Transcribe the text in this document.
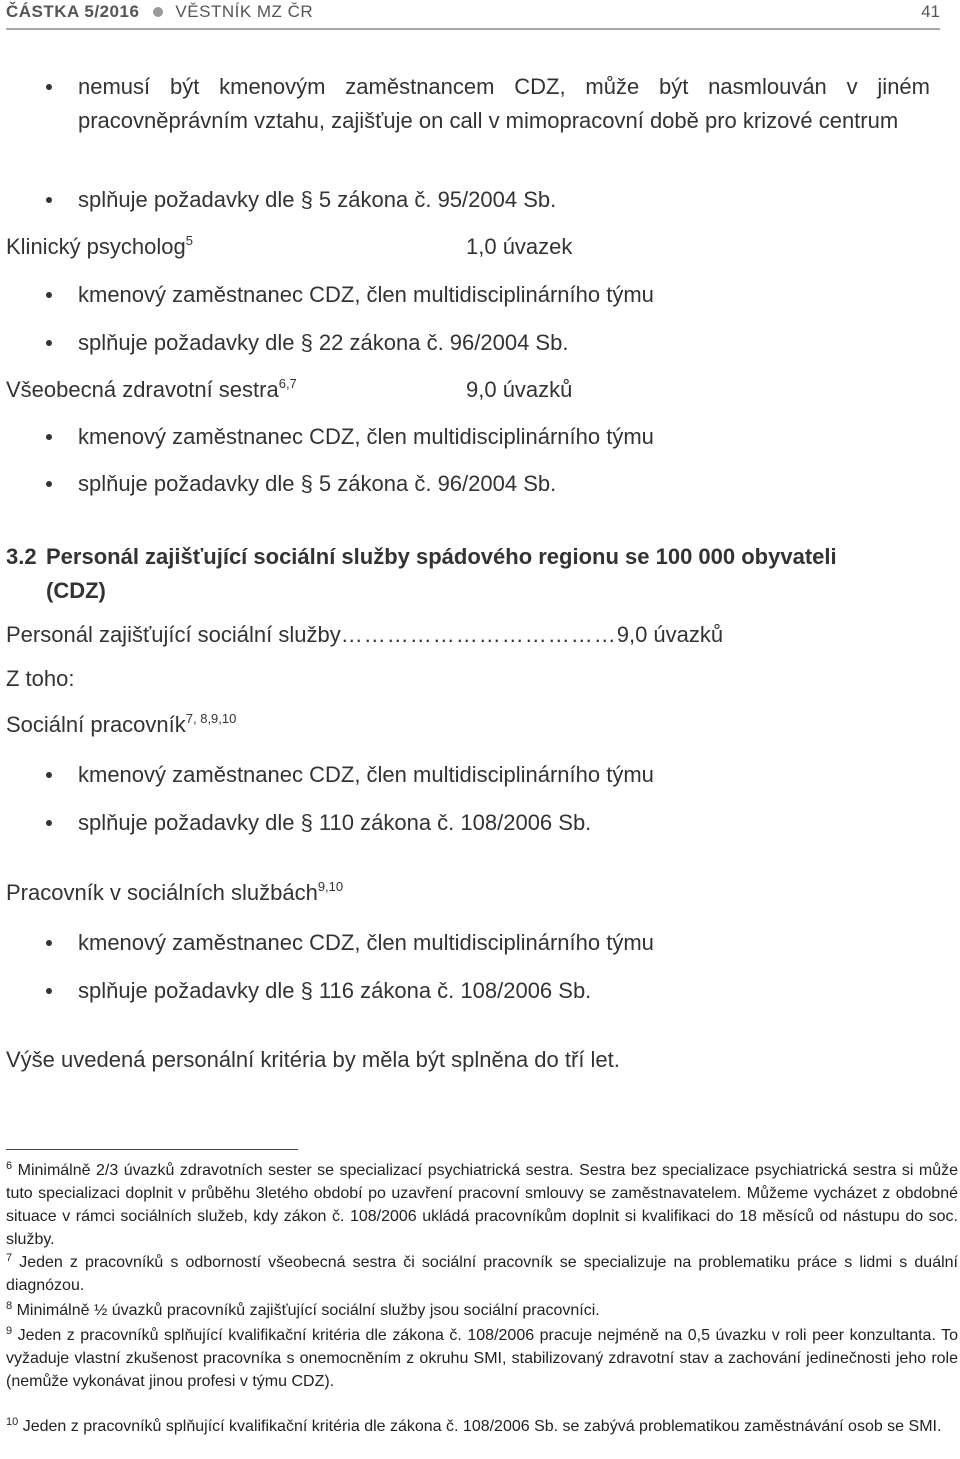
ČÁSTKA 5/2016 VĚSTNÍK MZ ČR	41
nemusí být kmenovým zaměstnancem CDZ, může být nasmlouván v jiném pracovněprávním vztahu, zajišťuje on call v mimopracovní době pro krizové centrum
splňuje požadavky dle § 5 zákona č. 95/2004 Sb.
Klinický psycholog$^5$	1,0 úvazek
kmenový zaměstnanec CDZ, člen multidisciplinárního týmu
splňuje požadavky dle § 22 zákona č. 96/2004 Sb.
Všeobecná zdravotní sestra$^{6,7}$	9,0 úvazků
kmenový zaměstnanec CDZ, člen multidisciplinárního týmu
splňuje požadavky dle § 5 zákona č. 96/2004 Sb.
3.2 Personál zajišťující sociální služby spádového regionu se 100 000 obyvateli
(CDZ)
Personál zajišťující sociální služby………………………………9,0 úvazků
Z toho:
Sociální pracovník$^{7, 8,9,10}$
kmenový zaměstnanec CDZ, člen multidisciplinárního týmu
splňuje požadavky dle § 110 zákona č. 108/2006 Sb.
Pracovník v sociálních službách$^{9,10}$
kmenový zaměstnanec CDZ, člen multidisciplinárního týmu
splňuje požadavky dle § 116 zákona č. 108/2006 Sb.
Výše uvedená personální kritéria by měla být splněna do tří let.
$^6$ Minimálně 2/3 úvazků zdravotních sester se specializací psychiatrická sestra. Sestra bez specializace psychiatrická sestra si může tuto specializaci doplnit v průběhu 3letého období po uzavření pracovní smlouvy se zaměstnavatelem. Můžeme vycházet z obdobné situace v rámci sociálních služeb, kdy zákon č. 108/2006 ukládá pracovníkům doplnit si kvalifikaci do 18 měsíců od nástupu do soc. služby.
$^7$ Jeden z pracovníků s odborností všeobecná sestra či sociální pracovník se specializuje na problematiku práce s lidmi s duální diagnózou.
$^8$ Minimálně ½ úvazků pracovníků zajišťující sociální služby jsou sociální pracovníci.
$^9$ Jeden z pracovníků splňující kvalifikační kritéria dle zákona č. 108/2006 pracuje nejméně na 0,5 úvazku v roli peer konzultanta. To vyžaduje vlastní zkušenost pracovníka s onemocněním z okruhu SMI, stabilizovaný zdravotní stav a zachování jedinečnosti jeho role (nemůže vykonávat jinou profesi v týmu CDZ).
$^{10}$ Jeden z pracovníků splňující kvalifikační kritéria dle zákona č. 108/2006 Sb. se zabývá problematikou zaměstnávání osob se SMI.
